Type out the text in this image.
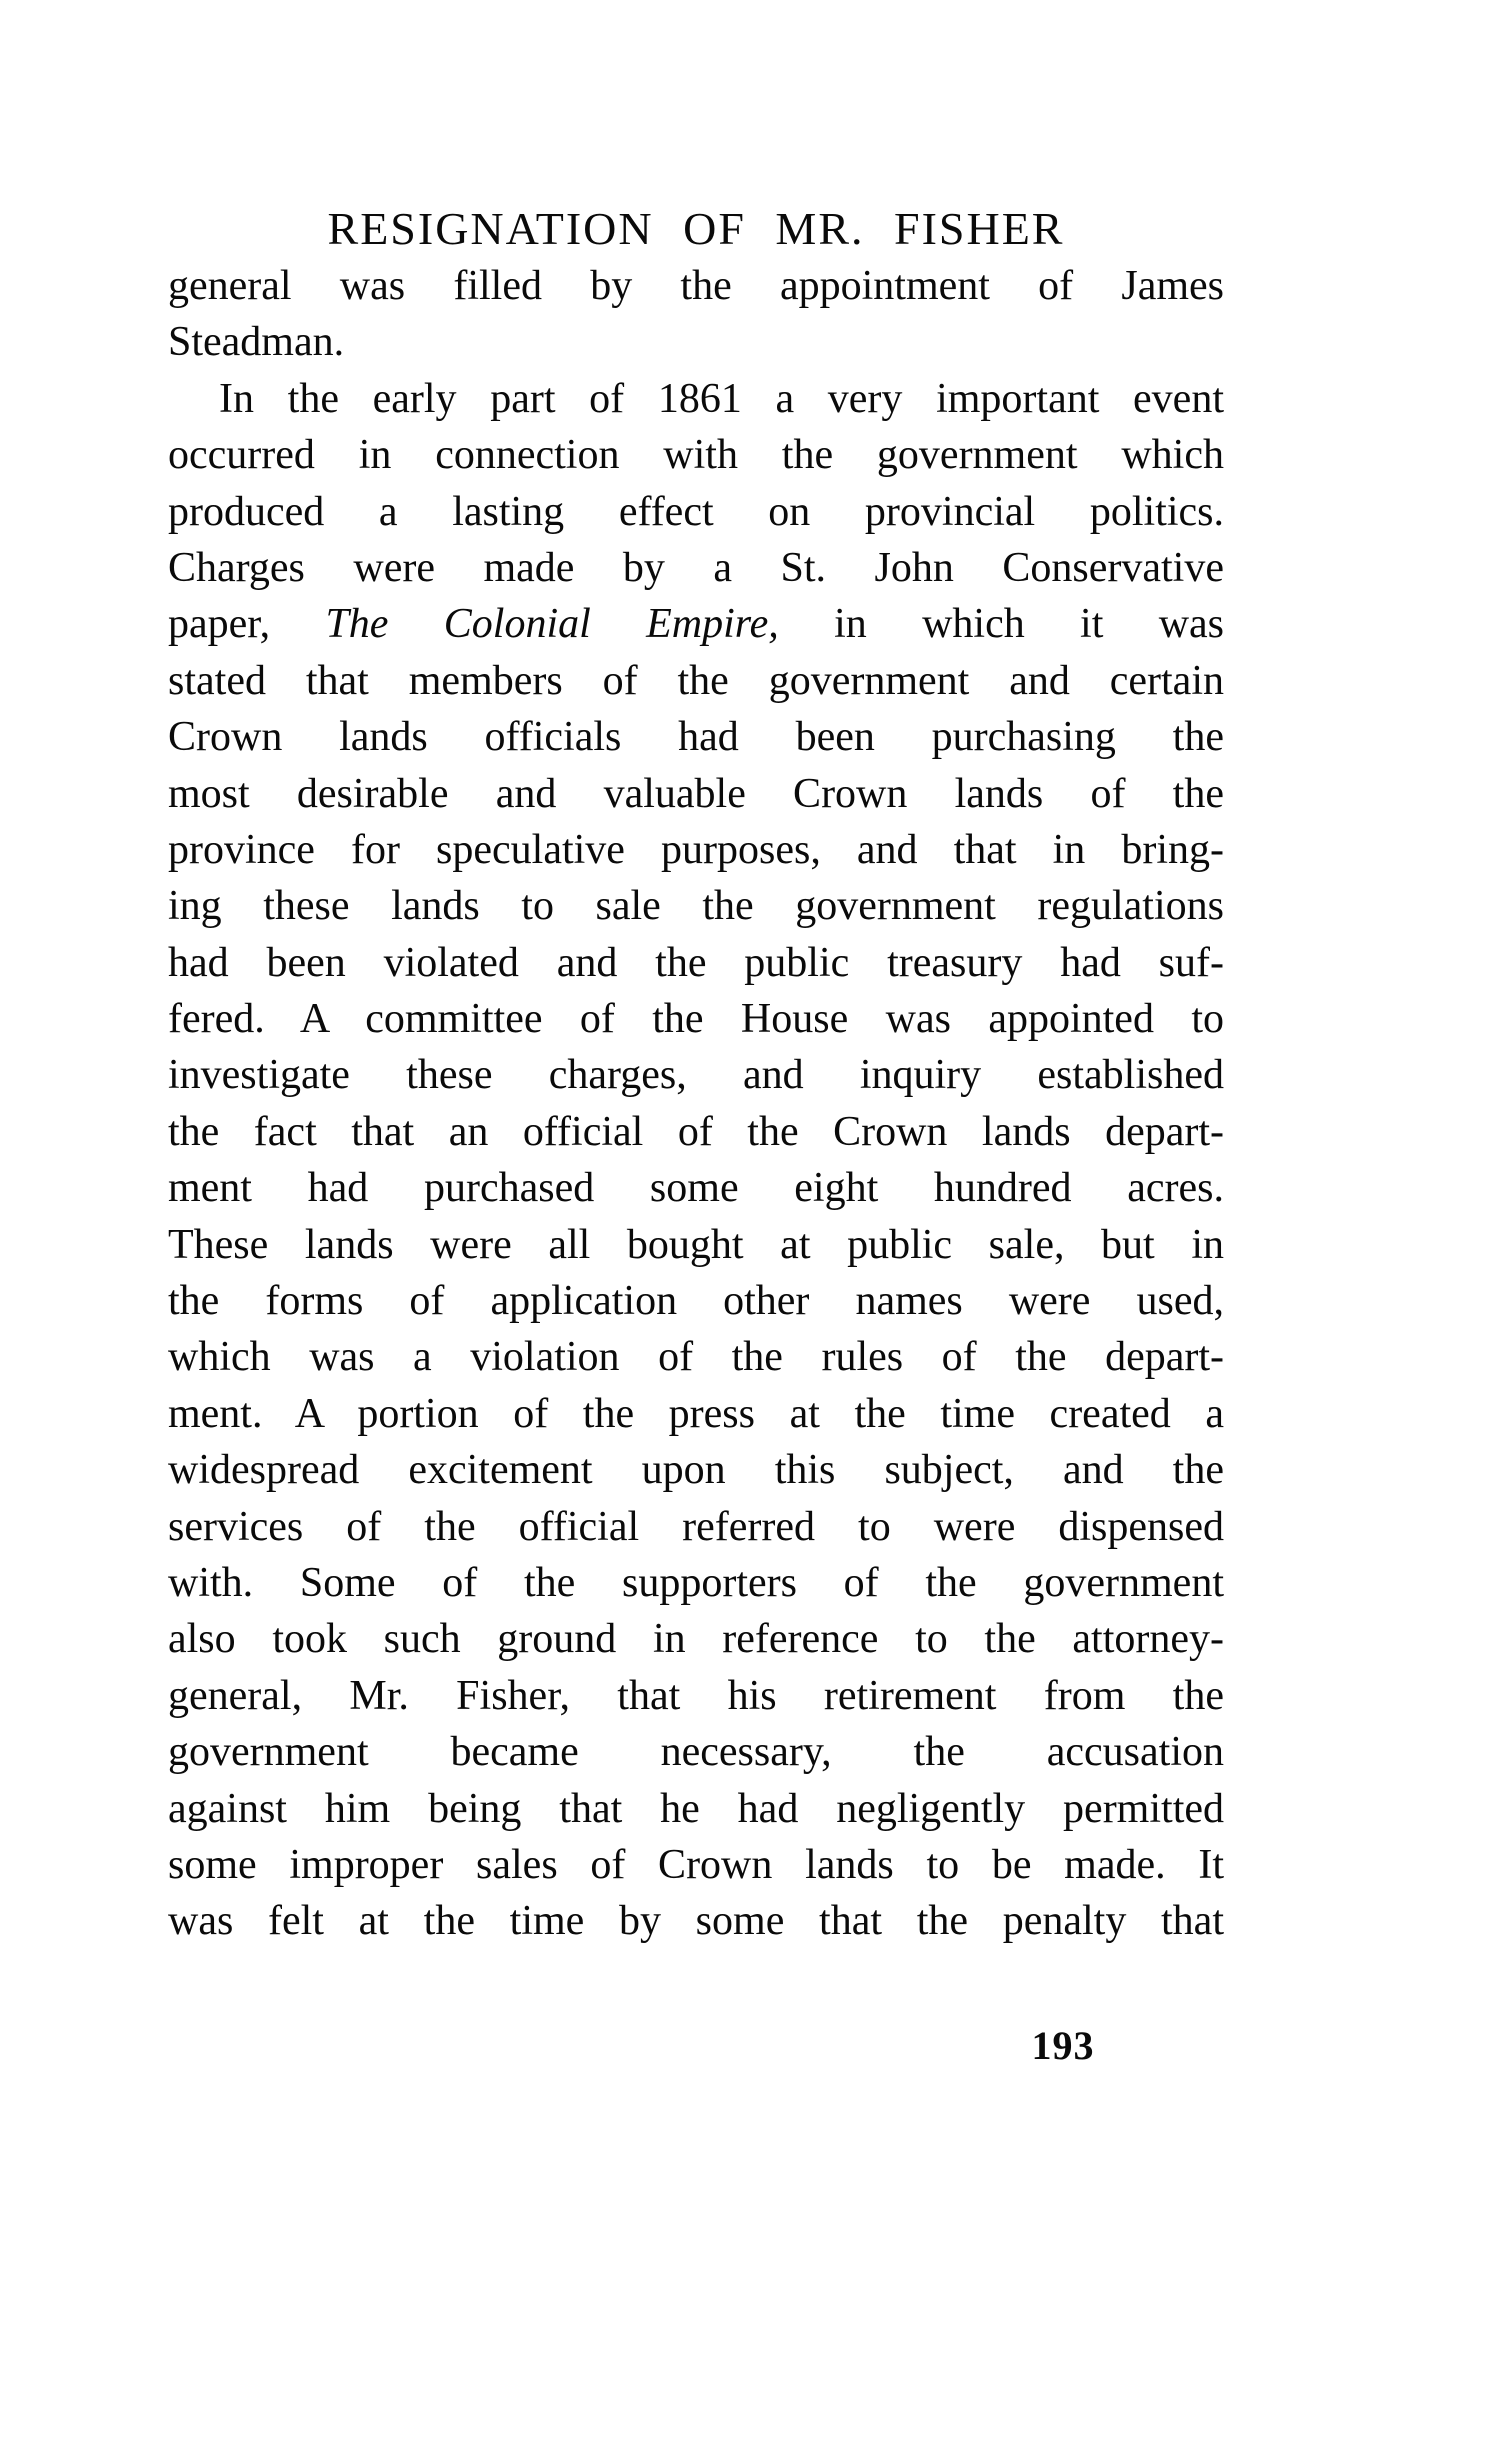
RESIGNATION OF MR. FISHER
general was filled by the appointment of James
Steadman.
In the early part of 1861 a very important event
occurred in connection with the government which
produced a lasting effect on provincial politics.
Charges were made by a St. John Conservative
paper, The Colonial Empire, in which it was
stated that members of the government and certain
Crown lands officials had been purchasing the
most desirable and valuable Crown lands of the
province for speculative purposes, and that in bring-
ing these lands to sale the government regulations
had been violated and the public treasury had suf-
fered. A committee of the House was appointed to
investigate these charges, and inquiry established
the fact that an official of the Crown lands depart-
ment had purchased some eight hundred acres.
These lands were all bought at public sale, but in
the forms of application other names were used,
which was a violation of the rules of the depart-
ment. A portion of the press at the time created a
widespread excitement upon this subject, and the
services of the official referred to were dispensed
with. Some of the supporters of the government
also took such ground in reference to the attorney-
general, Mr. Fisher, that his retirement from the
government became necessary, the accusation
against him being that he had negligently permitted
some improper sales of Crown lands to be made. It
was felt at the time by some that the penalty that
193
